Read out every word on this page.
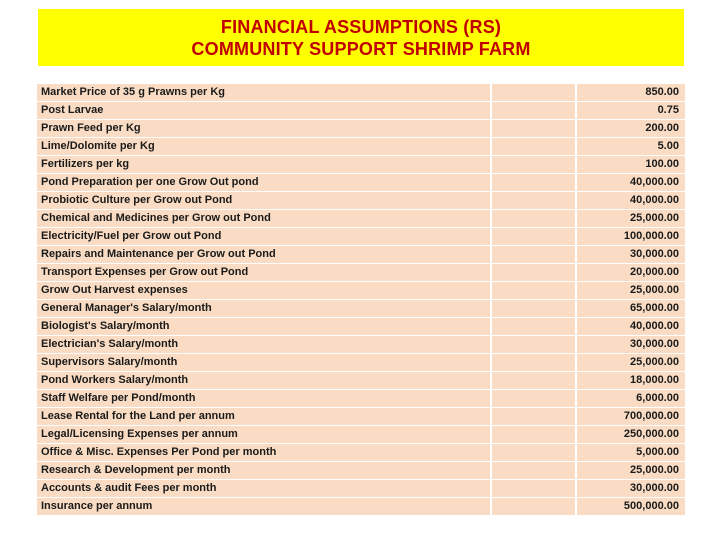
FINANCIAL ASSUMPTIONS (RS)
COMMUNITY SUPPORT SHRIMP FARM
Market Price of 35 g Prawns per Kg	850.00
Post Larvae	0.75
Prawn Feed per Kg	200.00
Lime/Dolomite per Kg	5.00
Fertilizers per kg	100.00
Pond Preparation per one Grow Out pond	40,000.00
Probiotic Culture per Grow out Pond	40,000.00
Chemical and Medicines per Grow out Pond	25,000.00
Electricity/Fuel per Grow out Pond	100,000.00
Repairs and Maintenance per Grow out Pond	30,000.00
Transport Expenses per Grow out Pond	20,000.00
Grow Out Harvest expenses	25,000.00
General Manager's Salary/month	65,000.00
Biologist's Salary/month	40,000.00
Electrician's Salary/month	30,000.00
Supervisors Salary/month	25,000.00
Pond Workers Salary/month	18,000.00
Staff Welfare per Pond/month	6,000.00
Lease Rental for the Land per annum	700,000.00
Legal/Licensing Expenses per annum	250,000.00
Office & Misc. Expenses Per Pond per month	5,000.00
Research & Development per month	25,000.00
Accounts & audit Fees per month	30,000.00
Insurance per annum	500,000.00
